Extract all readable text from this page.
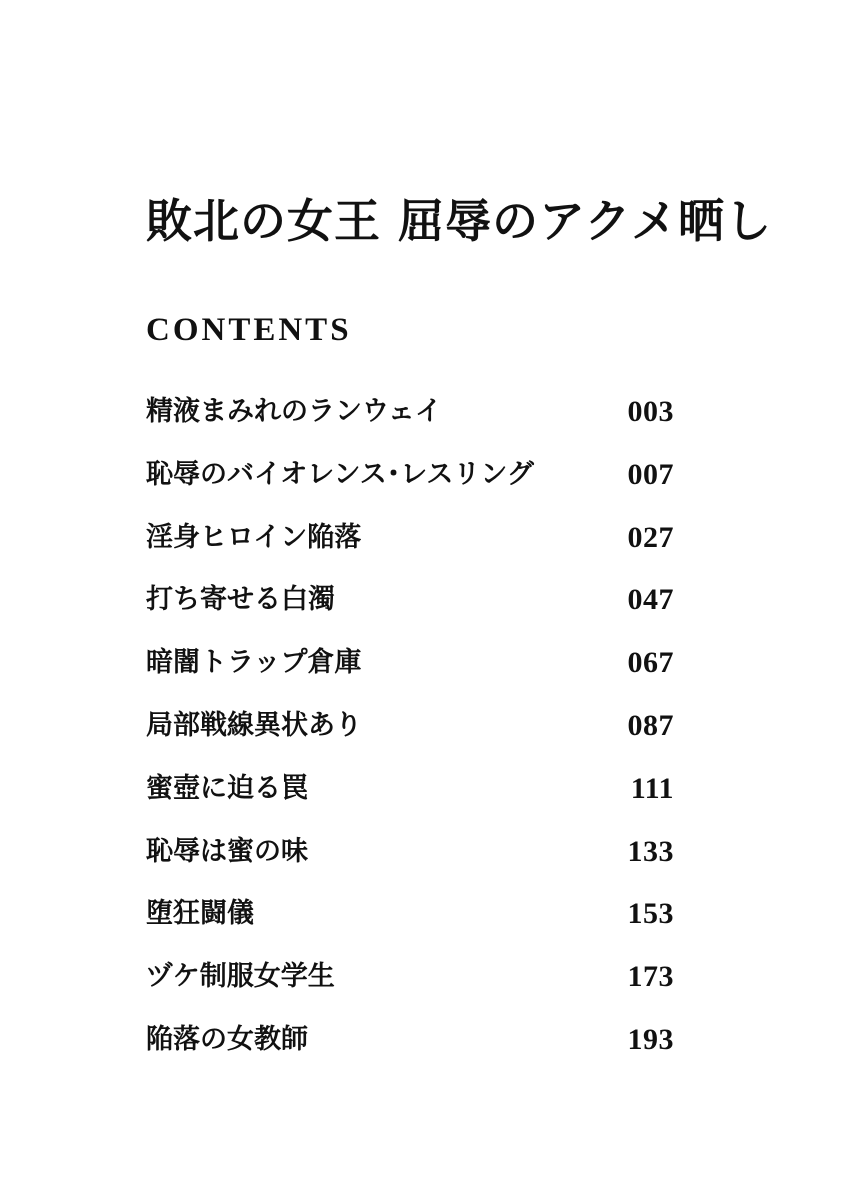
敗北の女王 屈辱のアクメ晒し
CONTENTS
精液まみれのランウェイ	003
恥辱のバイオレンス･レスリング	007
淫身ヒロイン陥落	027
打ち寄せる白濁	047
暗闇トラップ倉庫	067
局部戦線異状あり	087
蜜壺に迫る罠	111
恥辱は蜜の味	133
堕狂闘儀	153
ヅケ制服女学生	173
陥落の女教師	193
